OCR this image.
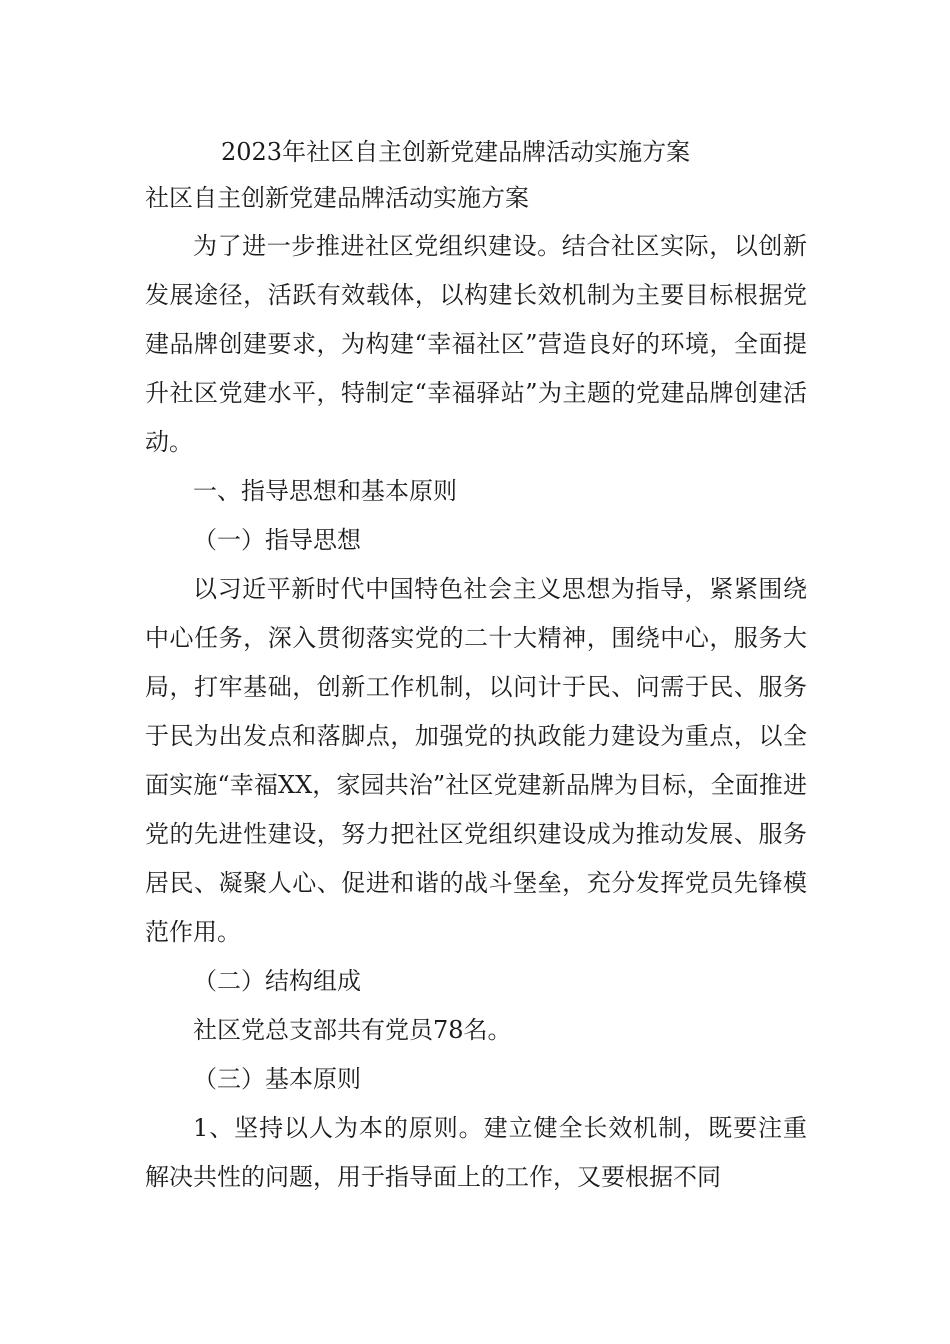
2023年社区自主创新党建品牌活动实施方案

社区自主创新党建品牌活动实施方案

为了进一步推进社区党组织建设。结合社区实际，以创新发展途径，活跃有效载体，以构建长效机制为主要目标根据党建品牌创建要求，为构建“幸福社区”营造良好的环境，全面提升社区党建水平，特制定“幸福驿站”为主题的党建品牌创建活动。

一、指导思想和基本原则

（一）指导思想

以习近平新时代中国特色社会主义思想为指导，紧紧围绕中心任务，深入贯彻落实党的二十大精神，围绕中心，服务大局，打牢基础，创新工作机制，以问计于民、问需于民、服务于民为出发点和落脚点，加强党的执政能力建设为重点，以全面实施“幸福XX，家园共治”社区党建新品牌为目标，全面推进党的先进性建设，努力把社区党组织建设成为推动发展、服务居民、凝聚人心、促进和谐的战斗堡垒，充分发挥党员先锋模范作用。

（二）结构组成

社区党总支部共有党员78名。

（三）基本原则

1、坚持以人为本的原则。建立健全长效机制，既要注重解决共性的问题，用于指导面上的工作，又要根据不同
